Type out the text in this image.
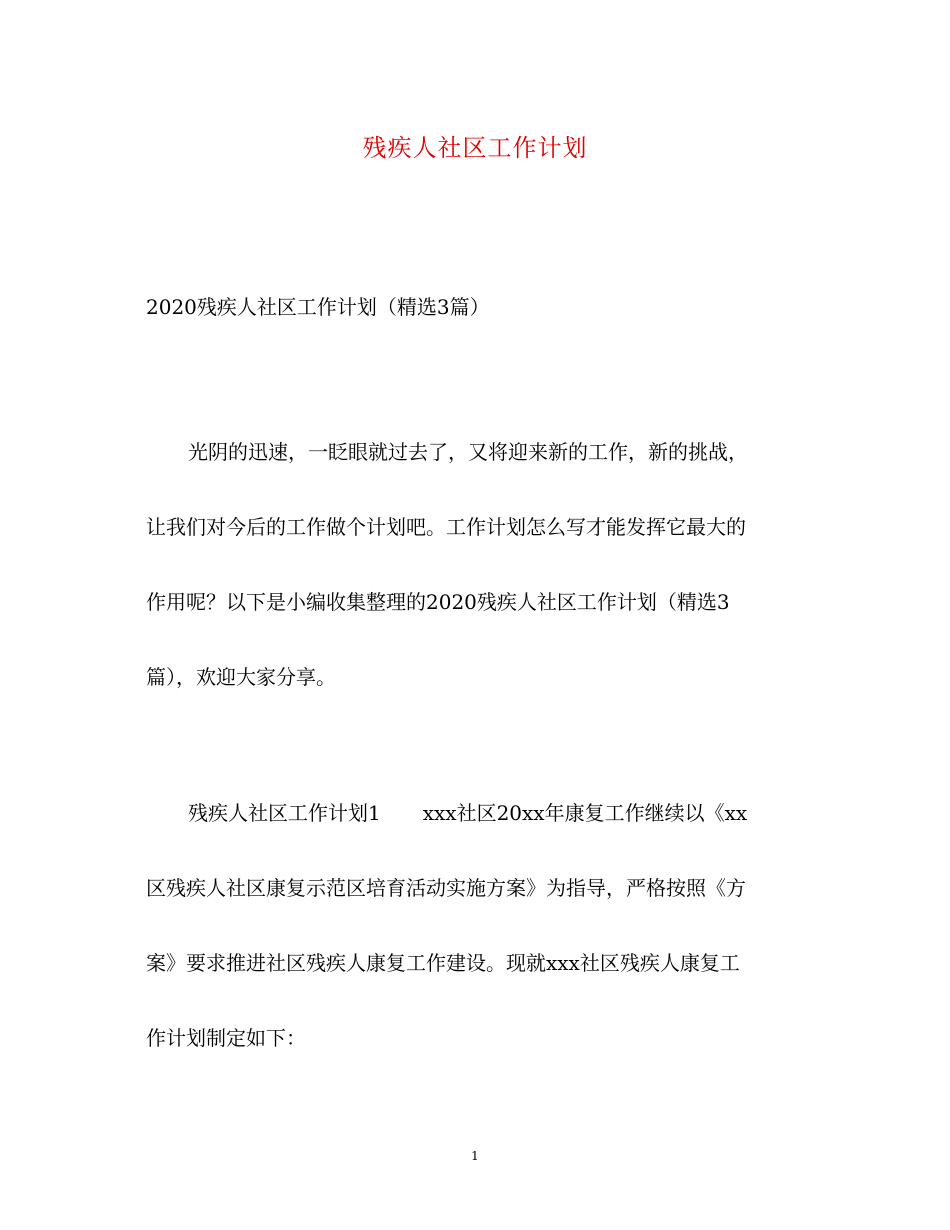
残疾人社区工作计划
2020残疾人社区工作计划（精选3篇）
光阴的迅速，一眨眼就过去了，又将迎来新的工作，新的挑战，
让我们对今后的工作做个计划吧。工作计划怎么写才能发挥它最大的
作用呢？以下是小编收集整理的2020残疾人社区工作计划（精选3
篇），欢迎大家分享。
残疾人社区工作计划1 xxx社区20xx年康复工作继续以《xx
区残疾人社区康复示范区培育活动实施方案》为指导，严格按照《方
案》要求推进社区残疾人康复工作建设。现就xxx社区残疾人康复工
作计划制定如下：
1
